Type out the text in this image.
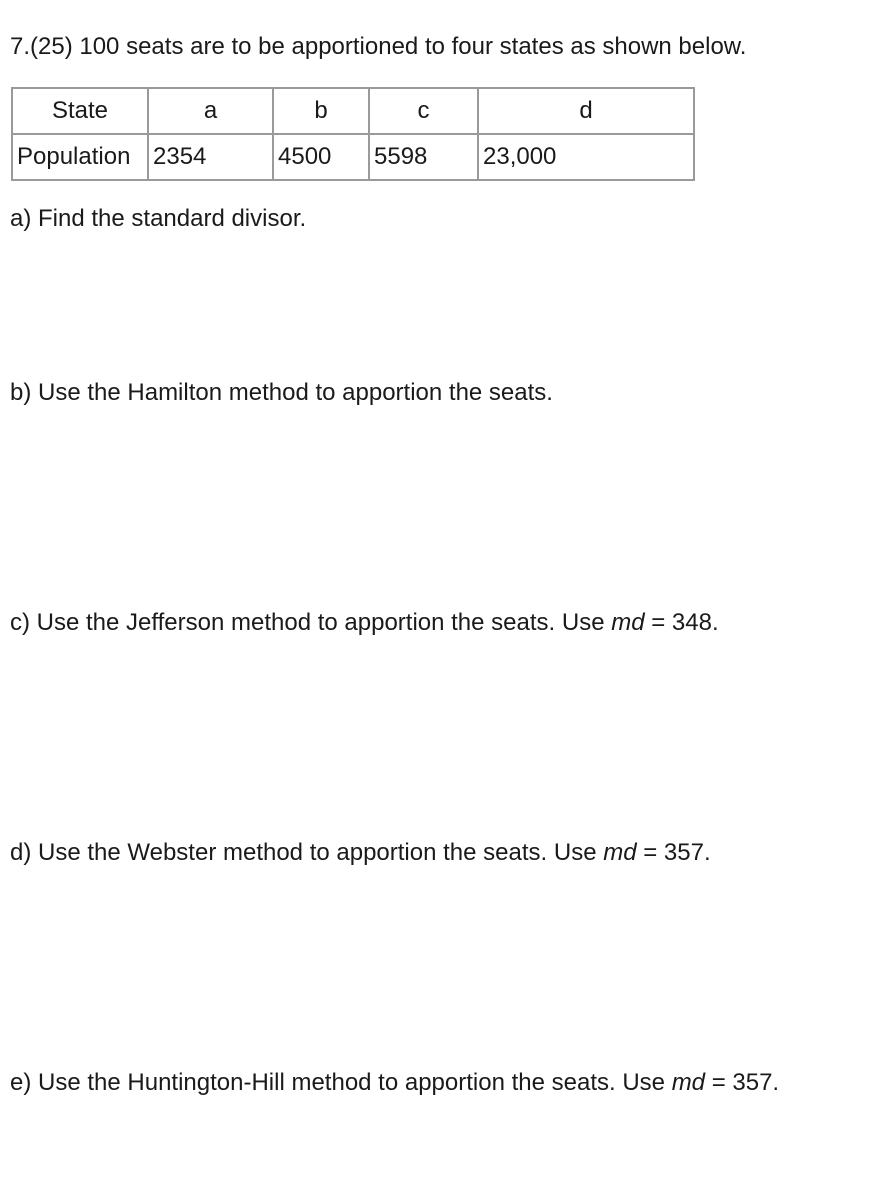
7.(25) 100 seats are to be apportioned to four states as shown below.
State	a	b	c	d
Population	2354	4500	5598	23,000
a) Find the standard divisor.
b) Use the Hamilton method to apportion the seats.
c) Use the Jefferson method to apportion the seats. Use md = 348.
d) Use the Webster method to apportion the seats. Use md = 357.
e) Use the Huntington-Hill method to apportion the seats. Use md = 357.
